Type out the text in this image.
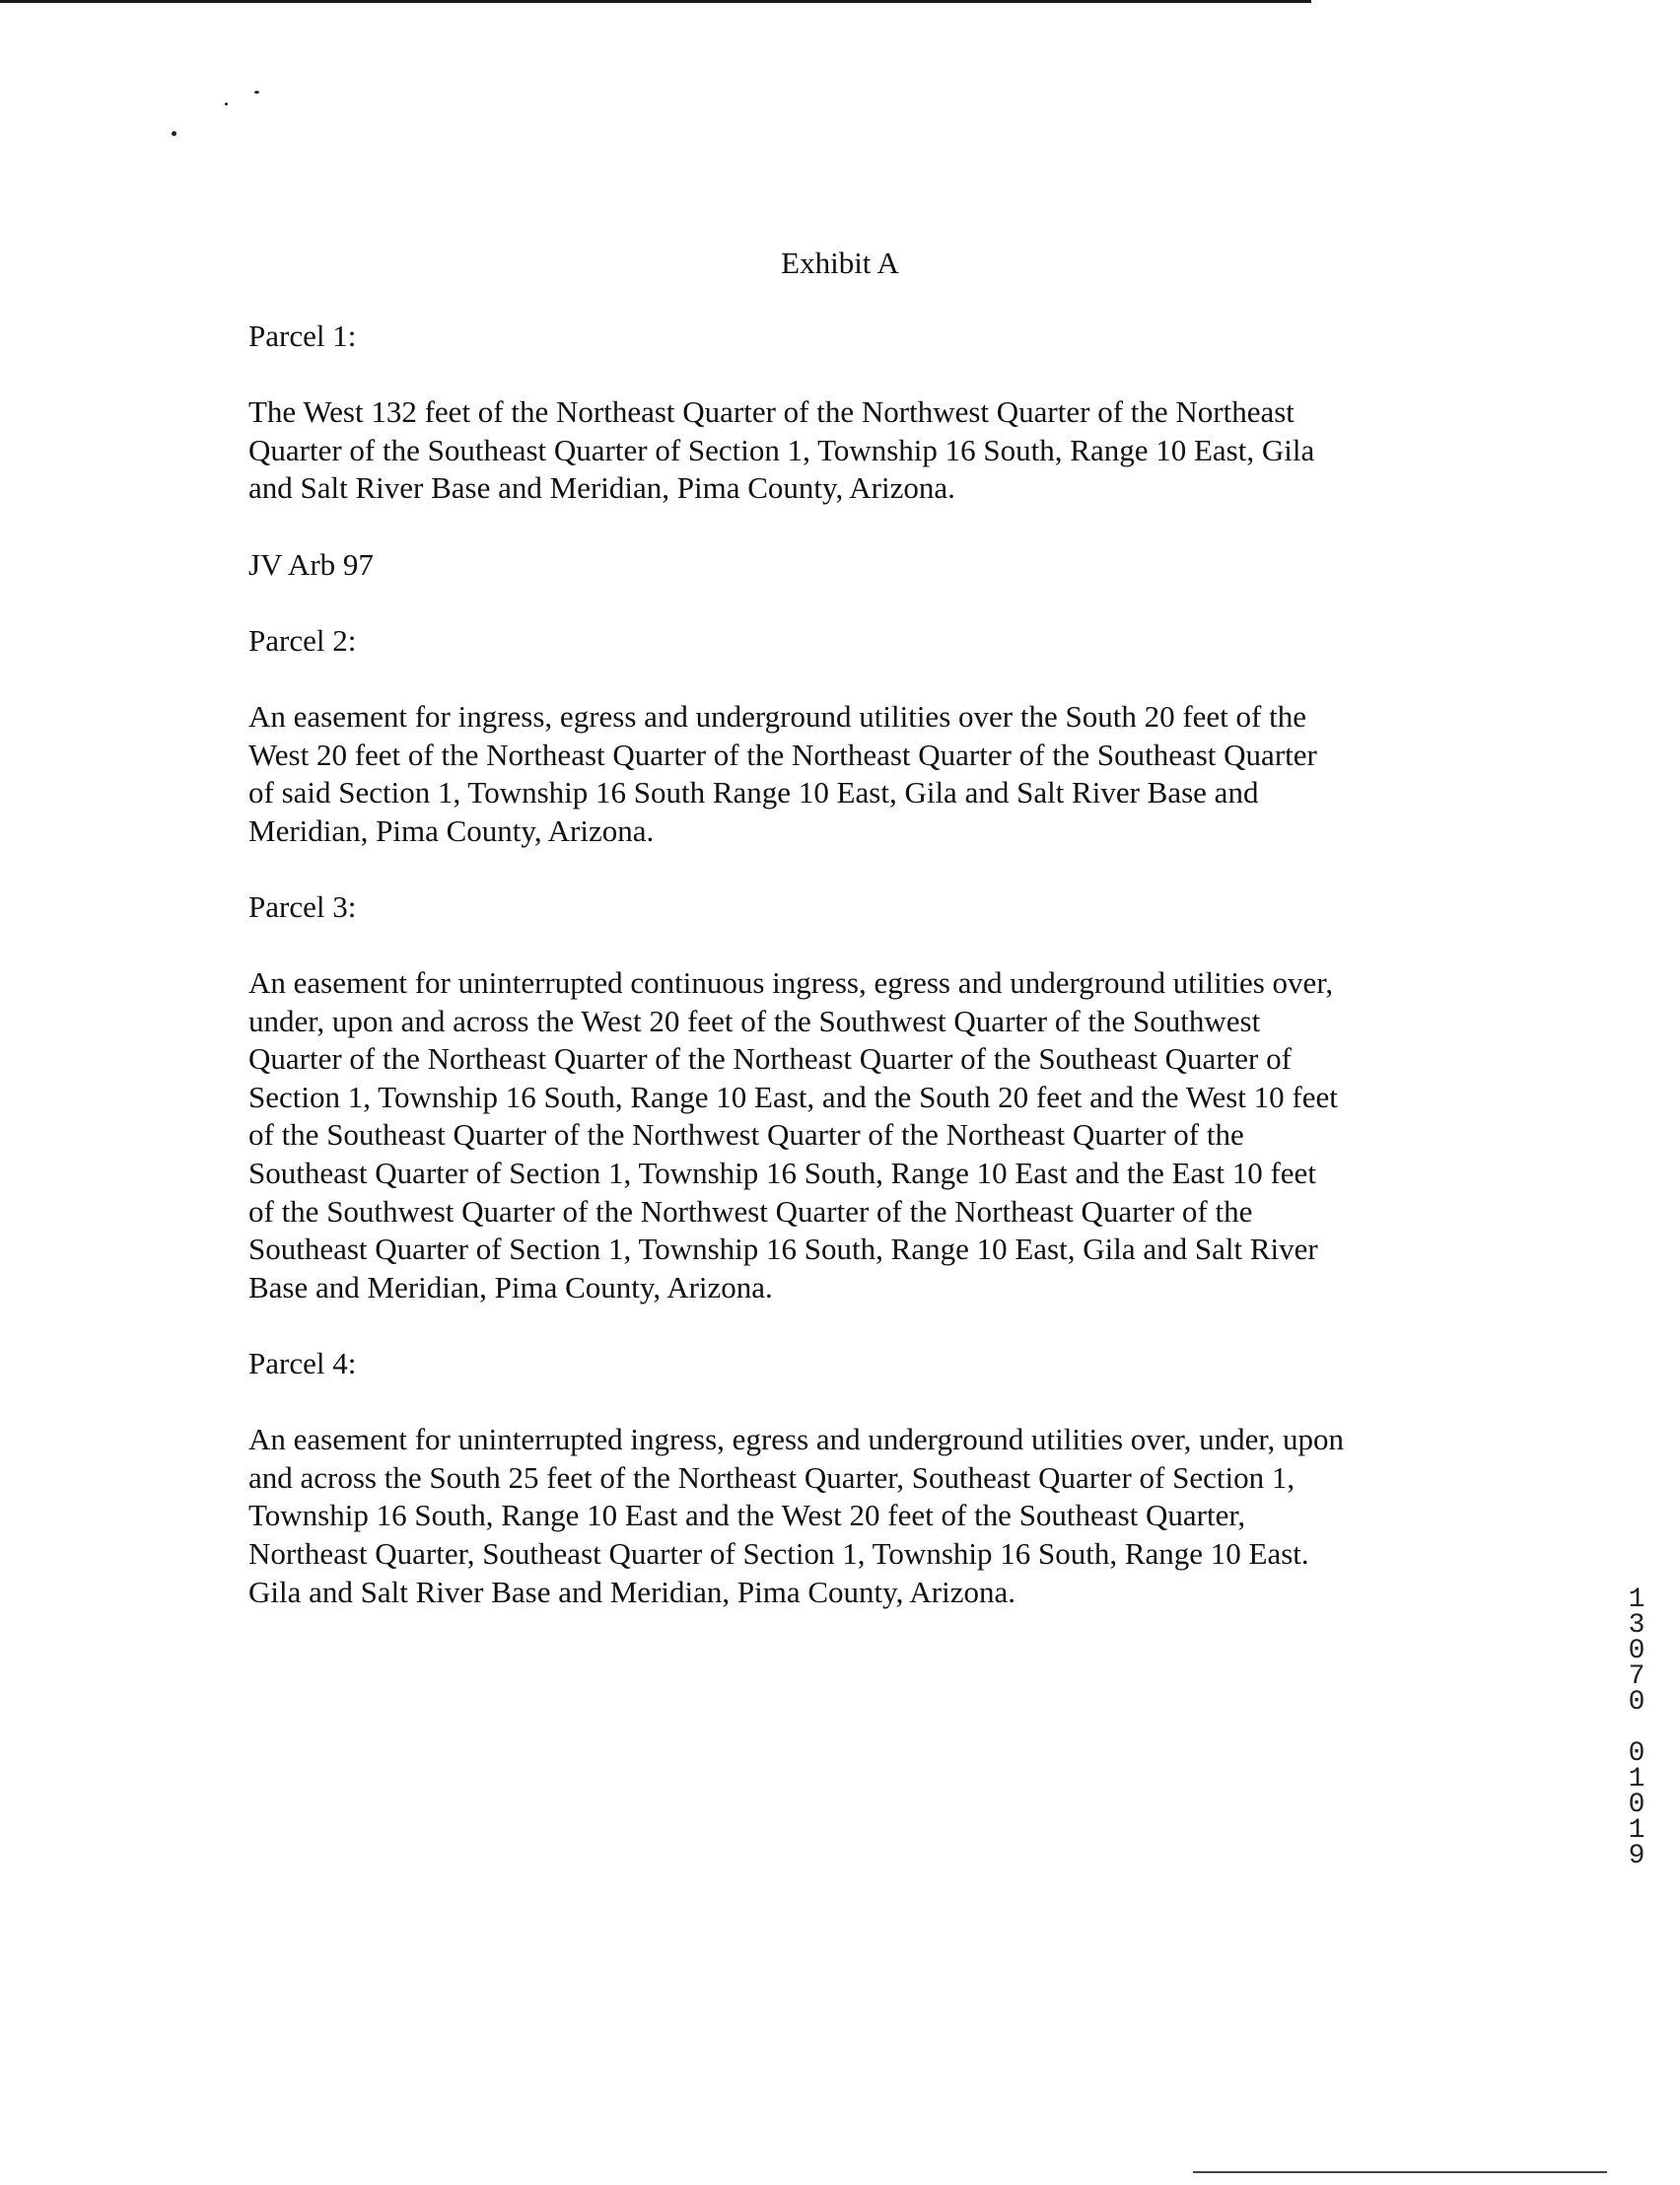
Exhibit A

Parcel 1:

The West 132 feet of the Northeast Quarter of the Northwest Quarter of the Northeast

Quarter of the Southeast Quarter of Section 1, Township 16 South, Range 10 East, Gila

and Salt River Base and Meridian, Pima County, Arizona.

JV Arb 97

Parcel 2:

An easement for ingress, egress and underground utilities over the South 20 feet of the

West 20 feet of the Northeast Quarter of the Northeast Quarter of the Southeast Quarter

of said Section 1, Township 16 South Range 10 East, Gila and Salt River Base and

Meridian, Pima County, Arizona.

Parcel 3:

An easement for uninterrupted continuous ingress, egress and underground utilities over,

under, upon and across the West 20 feet of the Southwest Quarter of the Southwest

Quarter of the Northeast Quarter of the Northeast Quarter of the Southeast Quarter of

Section 1, Township 16 South, Range 10 East, and the South 20 feet and the West 10 feet

of the Southeast Quarter of the Northwest Quarter of the Northeast Quarter of the

Southeast Quarter of Section 1, Township 16 South, Range 10 East and the East 10 feet

of the Southwest Quarter of the Northwest Quarter of the Northeast Quarter of the

Southeast Quarter of Section 1, Township 16 South, Range 10 East, Gila and Salt River

Base and Meridian, Pima County, Arizona.

Parcel 4:

An easement for uninterrupted ingress, egress and underground utilities over, under, upon

and across the South 25 feet of the Northeast Quarter, Southeast Quarter of Section 1,

Township 16 South, Range 10 East and the West 20 feet of the Southeast Quarter,

Northeast Quarter, Southeast Quarter of Section 1, Township 16 South, Range 10 East.

Gila and Salt River Base and Meridian, Pima County, Arizona.	1
3
0
7
0
0
1
0
1
9
